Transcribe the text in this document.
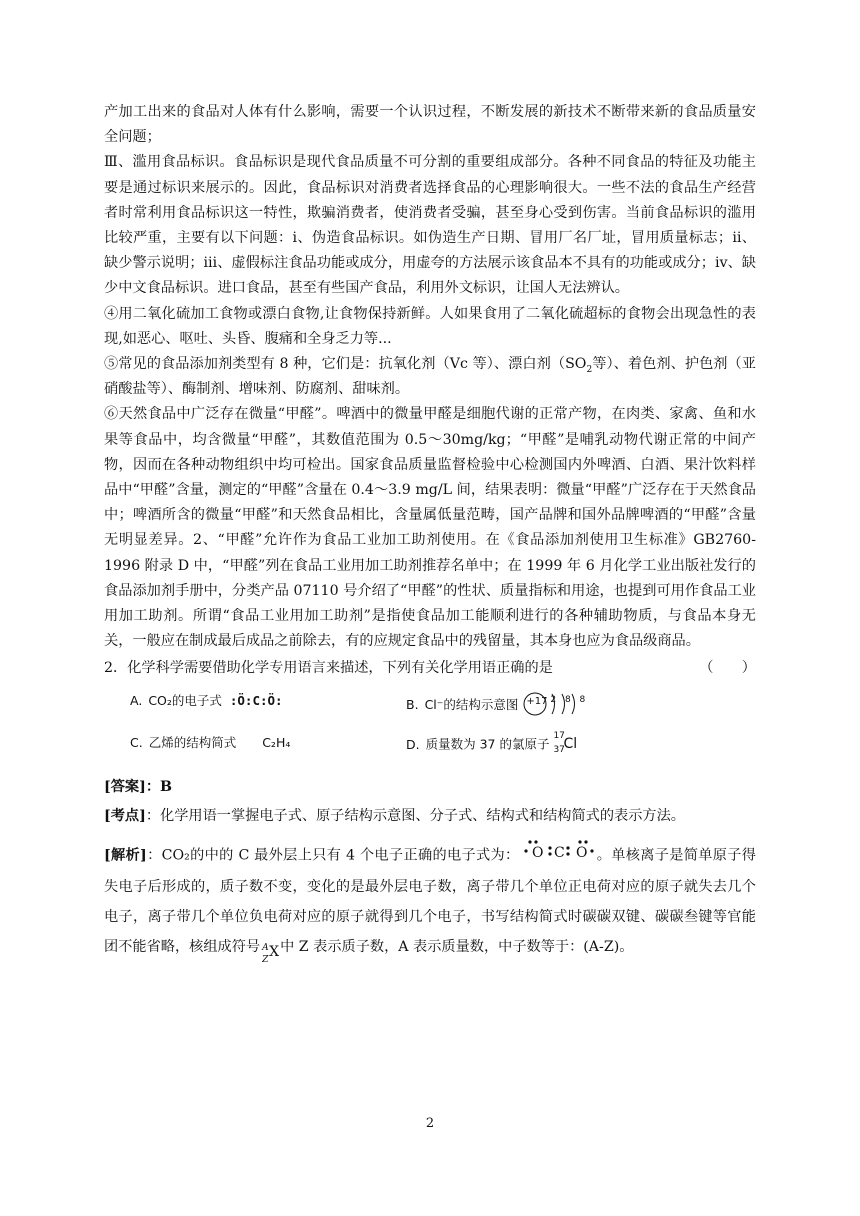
产加工出来的食品对人体有什么影响，需要一个认识过程，不断发展的新技术不断带来新的食品质量安全问题；

Ⅲ、滥用食品标识。食品标识是现代食品质量不可分割的重要组成部分。各种不同食品的特征及功能主要是通过标识来展示的。因此，食品标识对消费者选择食品的心理影响很大。一些不法的食品生产经营者时常利用食品标识这一特性，欺骗消费者，使消费者受骗，甚至身心受到伤害。当前食品标识的滥用比较严重，主要有以下问题：ⅰ、伪造食品标识。如伪造生产日期、冒用厂名厂址，冒用质量标志；ⅱ、缺少警示说明；ⅲ、虚假标注食品功能或成分，用虚夸的方法展示该食品本不具有的功能或成分；ⅳ、缺少中文食品标识。进口食品，甚至有些国产食品，利用外文标识，让国人无法辨认。

④用二氧化硫加工食物或漂白食物,让食物保持新鲜。人如果食用了二氧化硫超标的食物会出现急性的表现,如恶心、呕吐、头昏、腹痛和全身乏力等...

⑤常见的食品添加剂类型有 8 种，它们是：抗氧化剂（Vc 等）、漂白剂（$SO_2$等）、着色剂、护色剂（亚硝酸盐等）、酶制剂、增味剂、防腐剂、甜味剂。

⑥天然食品中广泛存在微量“甲醛”。啤酒中的微量甲醛是细胞代谢的正常产物，在肉类、家禽、鱼和水果等食品中，均含微量“甲醛”，其数值范围为 0.5～30mg/kg；“甲醛”是哺乳动物代谢正常的中间产物，因而在各种动物组织中均可检出。国家食品质量监督检验中心检测国内外啤酒、白酒、果汁饮料样品中“甲醛”含量，测定的“甲醛”含量在 0.4～3.9 mg/L 间，结果表明：微量“甲醛”广泛存在于天然食品中；啤酒所含的微量“甲醛”和天然食品相比，含量属低量范畴，国产品牌和国外品牌啤酒的“甲醛”含量无明显差异。2、“甲醛”允许作为食品工业加工助剂使用。在《食品添加剂使用卫生标准》GB2760-1996 附录 D 中，“甲醛”列在食品工业用加工助剂推荐名单中；在 1999 年 6 月化学工业出版社发行的食品添加剂手册中，分类产品 07110 号介绍了“甲醛”的性状、质量指标和用途，也提到可用作食品工业用加工助剂。所谓“食品工业用加工助剂”是指使食品加工能顺利进行的各种辅助物质，与食品本身无关，一般应在制成最后成品之前除去，有的应规定食品中的残留量，其本身也应为食品级商品。

2．化学科学需要借助化学专用语言来描述，下列有关化学用语正确的是	（　　）
A. CO₂的电子式 :Ö:C:Ö:	B. Cl⁻的结构示意图 +17 2 8 8
C. 乙烯的结构简式 C₂H₄	D. 质量数为 37 的氯原子
17
37
Cl
[答案]：B
[考点]：化学用语一掌握电子式、原子结构示意图、分子式、结构式和结构简式的表示方法。
[解析]：CO₂的中的 C 最外层上只有 4 个电子正确的电子式为： O C O 。单核离子是简单原子得失电子后形成的，质子数不变，变化的是最外层电子数，离子带几个单位正电荷对应的原子就失去几个电子，离子带几个单位负电荷对应的原子就得到几个电子，书写结构简式时碳碳双键、碳碳叁键等官能团不能省略，核组成符号 A
Z X 中 Z 表示质子数，A 表示质量数，中子数等于：(A-Z)。
2
